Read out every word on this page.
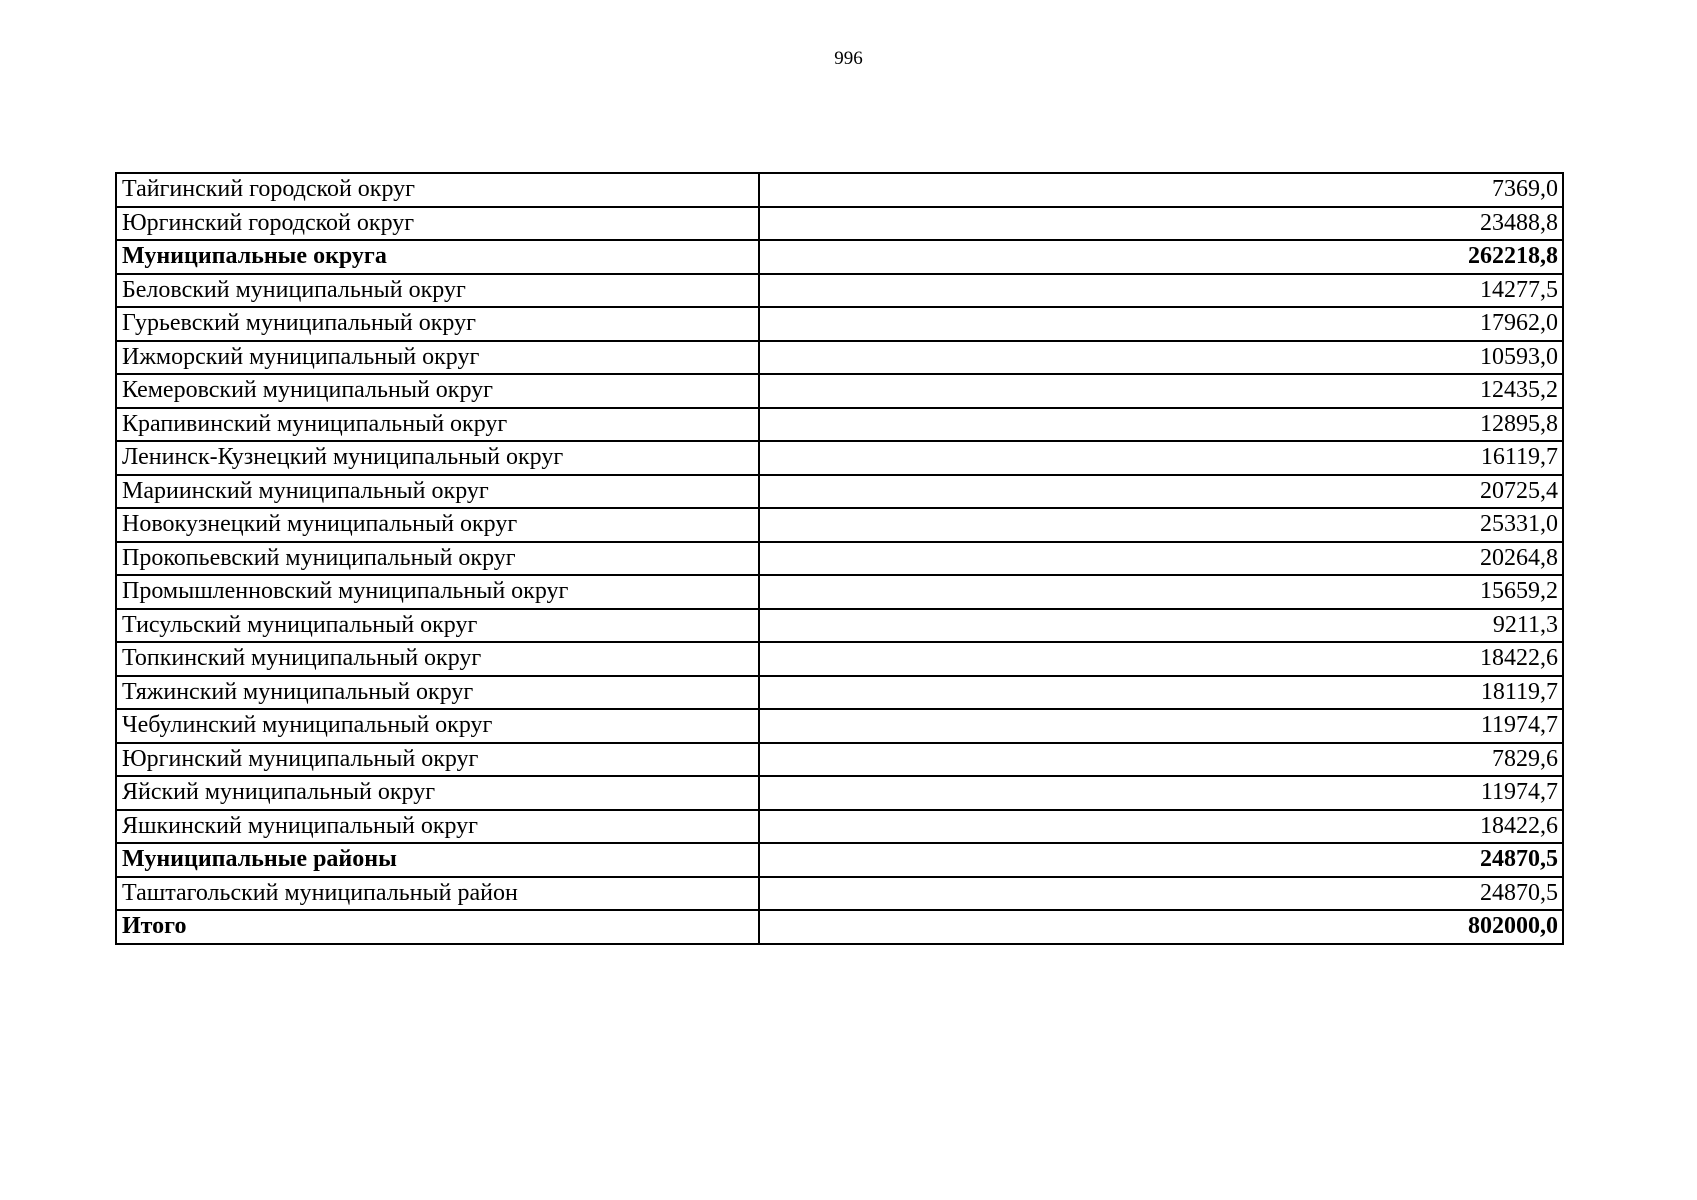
996
Тайгинский городской округ	7369,0
Юргинский городской округ	23488,8
Муниципальные округа	262218,8
Беловский муниципальный округ	14277,5
Гурьевский муниципальный округ	17962,0
Ижморский муниципальный округ	10593,0
Кемеровский муниципальный округ	12435,2
Крапивинский муниципальный округ	12895,8
Ленинск-Кузнецкий муниципальный округ	16119,7
Мариинский муниципальный округ	20725,4
Новокузнецкий муниципальный округ	25331,0
Прокопьевский муниципальный округ	20264,8
Промышленновский муниципальный округ	15659,2
Тисульский муниципальный округ	9211,3
Топкинский муниципальный округ	18422,6
Тяжинский муниципальный округ	18119,7
Чебулинский муниципальный округ	11974,7
Юргинский муниципальный округ	7829,6
Яйский муниципальный округ	11974,7
Яшкинский муниципальный округ	18422,6
Муниципальные районы	24870,5
Таштагольский муниципальный район	24870,5
Итого	802000,0
